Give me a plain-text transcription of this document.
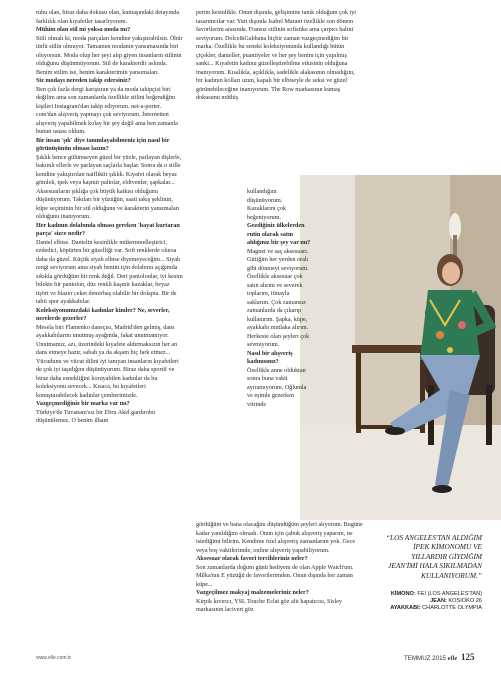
ruhu olan, biraz daha dokusu olan, kumaşındaki detayında farklılık olan kıyafetler tasarlıyorum.

Mühim olan stil mi yoksa moda mı?

Stili olmalı ki, moda parçaları kendine yakıştırabilsin. Öbür türlü stilin olmuyor. Tamamen modanın yansımasında biri oluyorsun. Moda olup her şeyi alıp giyen insanların stilinin olduğunu düşünmüyorum. Stil de karakterdir aslında. Benim stilim ise, benim karakterimin yansımaları.

Siz modayı nereden takip edersiniz?

Ben çok fazla dergi karıştıran ya da moda takipçisi biri değilim ama son zamanlarda özellikle stilini beğendiğim kişileri Instagram'dan takip ediyorum. net-a-porter. com'dan alışveriş yapmayı çok seviyorum. İnternetten alışveriş yapabilmek kolay bir şey değil ama ben zamanla bunun ustası oldum.

Bir insan 'şık' diye tanımlayabilmeniz için nasıl bir görünüşünün olması lazım?

Şıklık bence gülümseyen güzel bir yüzle, parlayan dişlerle, bakımlı ellerle ve parlayan saçlarla başlar. Sonra da o stille kendine yakıştırılan naifliktir şıklık. Kıyafet olarak beyaz gömlek, ipek veya kaşmir paltolar, eldivenler, şapkalar... Aksesuarların şıklığa çok büyük katkısı olduğunu düşünüyorum. Takıları bir yüzüğün, saati takış şeklinin, küpe seçiminin bir stil olduğunu ve karakterin yansımaları olduğunu inanıyorum.

Her kadının dolabında olması gereken 'hayat kurtaran parça' sizce nedir?

Dantel elbise. Dantelin kesinlikle mükemmelleştirici, ezdedici, köpürten bir güzelliği var. Soft renklerde olursa daha da güzel. Küçük siyah elbise diyemeyeceğim... Siyah rengi seviyorum ama siyah benim için dolabımı açığımda sıkıkla gördüğüm bir renk değil. Deri pantolonlar, iyi kesim bilekte bir pantolon, düz renkli kaşmir kazaklar, beyaz tişört ve blazer ceket demirbaş olabilir bir dolapta. Bir de tabii spor ayakkabılar.

Koleksiyonunuzdaki kadınlar kimler? Ne, severler, nerelerde gezerler?

Mesela biri Flamenko dansçısı, Madrid'den gelmiş, dans ayakkabılarını unutmuş ayağında, fakat unutmamıyor. Unutmamız, azı, üzerindeki kıyafete aldırmaksızın her an dans etmeye hazır, sabah ya da akşam hiç fark etmez... Vücudunu ve vücut dilini iyi tanıyan insanların kıyafetleri de çok iyi taşıdığını düşünüyorum. Biraz daha sportif ve biraz daha esnekliğini koruyabilen kadınlar da bu koleksiyonu sevecek... Kısaca, bu kıyafetleri konuşturabilecek kadınlar çemberimizde.

Vazgeçmediğiniz bir marka var mı?

Türkiye'de Tuvanam'sız bir Ebru Akel gardırobu düşünülemez. O benim ilham

perim kesinlikle. Onun dışında, gelişimine tanık olduğum çok iyi tasarımcılar var. Yurt dışında Isabel Marant özellikle son dönem favorilerim arasında. Fransız stilinin sofistike ama çarpıcı halini seviyorum. Dolce&Gabbana hiçbir zaman vazgeçmediğim bir marka. Özellikle bu seneki koleksiyonunda kullandığı bütün çiçekler, danteller, puantiyeler ve her şey benim için yapılmış sanki... Kıyafetin kadınu güzelleştirebilme etkisinin olduğuna inanıyorum. Kısalıkla, açıklıkla, sadelikle alakasının olmadığını, bir kadının kolları uzun, kapalı bir elbiseyle de seksi ve güzel görünebileceğine inanıyorum. The Row markasının kumaş dokusunu müthiş

kullandığını düşünüyorum. Kazaklarını çok beğeniyorum.

Gezdiğiniz ülkelerden rutin olarak satın aldığınız bir şey var mı?

Magnet ve saç aksesuarı. Gittiğim her yerden oralı gibi dönmeyi seviyorum. Özellikle aksesuar çok satın alırım ve severek toplarım, itinayla saklarım. Çok zamansız zamanlarda da çıkarıp kullanırım. Şapka, küpe, ayakkabı mutlaka alırım. Herkeste olan şeyleri çok sevmiyorum.

Nasıl bir alışveriş kadınısınız?

Özellikle anne olduktan sonra buna vakit ayıramıyorum. Oğlumla ve eşimle gezerken vitrinde

gördüğüm ve bana olacağını düşündüğüm şeyleri alıyorum. Bugüne kadar yanıldığım olmadı. Onun için çabuk alışveriş yaparım, ne istediğimi bilirim. Kendime özel alışveriş zamanlarım yok. Gece veya boş vakitlerimde, online alışveriş yapabiliyorum.

Aksesuar olarak favori tercihleriniz neler?

Son zamanlarda doğum günü hediyem de olan Apple Watch'um. Milka'nın E yüzüğü de favorilerimden. Onun dışında her zaman küpe...

Vazgeçilmez makyaj malzemeleriniz neler?

Kirpik kıvırıcı, YSL Touche Eclat göz altı kapatıcısı, Sisley markasının lacivert göz

“LOS ANGELES'TAN ALDIĞIM İPEK KİMONOMU VE YILLARDIR GİYDİĞİM JEAN'İMİ HALA SIKILMADAN KULLANIYORUM.”
KİMONO: FEI (LOS ANGELES'TAN)
JEAN: KOSIOKO 26
AYAKKABI: CHARLOTTE OLYMPIA
www.elle.com.tr	TEMMUZ 2015 elle 125
